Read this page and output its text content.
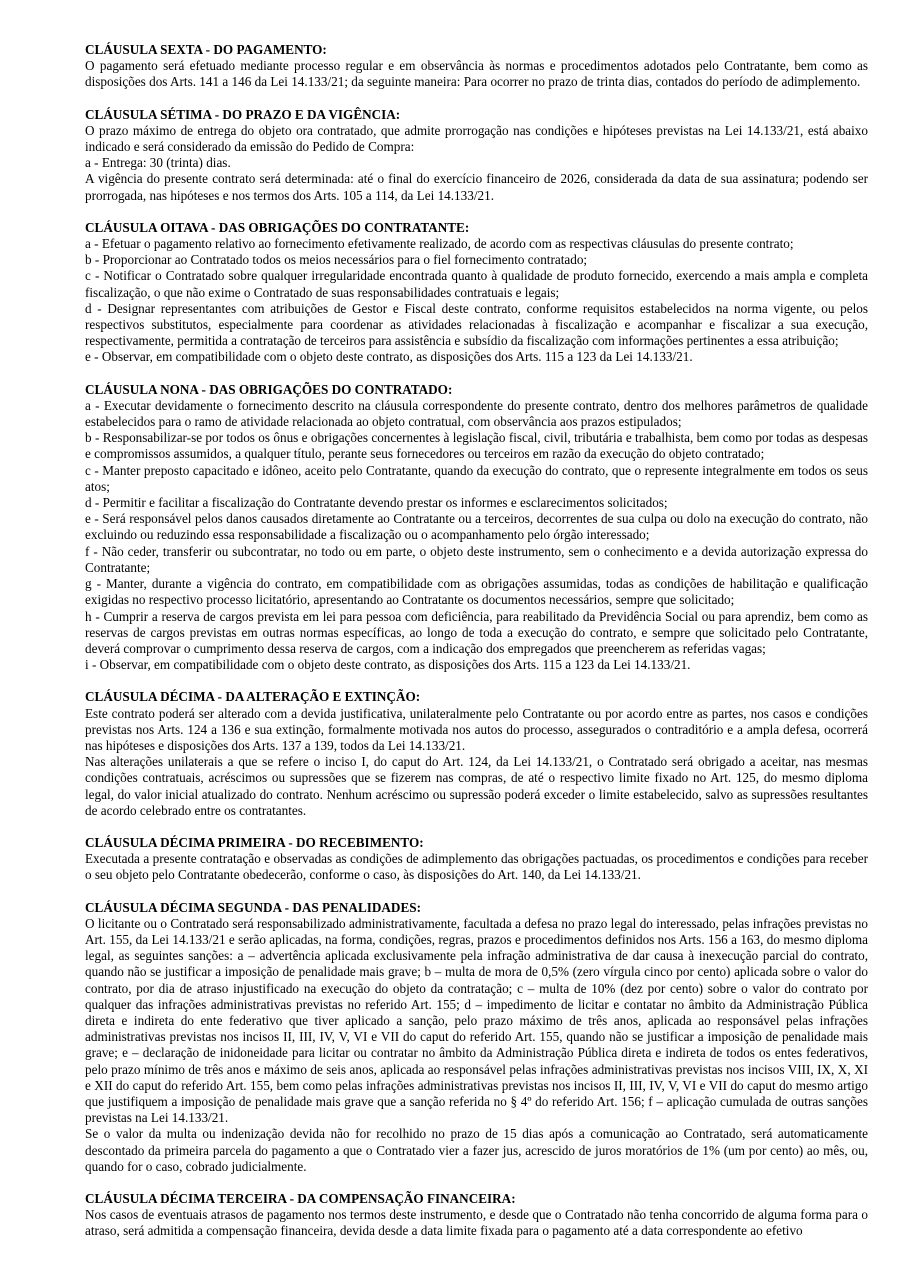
CLÁUSULA SEXTA - DO PAGAMENTO:

O pagamento será efetuado mediante processo regular e em observância às normas e procedimentos adotados pelo Contratante, bem como as disposições dos Arts. 141 a 146 da Lei 14.133/21; da seguinte maneira: Para ocorrer no prazo de trinta dias, contados do período de adimplemento.

CLÁUSULA SÉTIMA - DO PRAZO E DA VIGÊNCIA:

O prazo máximo de entrega do objeto ora contratado, que admite prorrogação nas condições e hipóteses previstas na Lei 14.133/21, está abaixo indicado e será considerado da emissão do Pedido de Compra:

a - Entrega: 30 (trinta) dias.

A vigência do presente contrato será determinada: até o final do exercício financeiro de 2026, considerada da data de sua assinatura; podendo ser prorrogada, nas hipóteses e nos termos dos Arts. 105 a 114, da Lei 14.133/21.

CLÁUSULA OITAVA - DAS OBRIGAÇÕES DO CONTRATANTE:

a - Efetuar o pagamento relativo ao fornecimento efetivamente realizado, de acordo com as respectivas cláusulas do presente contrato;

b - Proporcionar ao Contratado todos os meios necessários para o fiel fornecimento contratado;

c - Notificar o Contratado sobre qualquer irregularidade encontrada quanto à qualidade de produto fornecido, exercendo a mais ampla e completa fiscalização, o que não exime o Contratado de suas responsabilidades contratuais e legais;

d - Designar representantes com atribuições de Gestor e Fiscal deste contrato, conforme requisitos estabelecidos na norma vigente, ou pelos respectivos substitutos, especialmente para coordenar as atividades relacionadas à fiscalização e acompanhar e fiscalizar a sua execução, respectivamente, permitida a contratação de terceiros para assistência e subsídio da fiscalização com informações pertinentes a essa atribuição;

e - Observar, em compatibilidade com o objeto deste contrato, as disposições dos Arts. 115 a 123 da Lei 14.133/21.

CLÁUSULA NONA - DAS OBRIGAÇÕES DO CONTRATADO:

a - Executar devidamente o fornecimento descrito na cláusula correspondente do presente contrato, dentro dos melhores parâmetros de qualidade estabelecidos para o ramo de atividade relacionada ao objeto contratual, com observância aos prazos estipulados;

b - Responsabilizar-se por todos os ônus e obrigações concernentes à legislação fiscal, civil, tributária e trabalhista, bem como por todas as despesas e compromissos assumidos, a qualquer título, perante seus fornecedores ou terceiros em razão da execução do objeto contratado;

c - Manter preposto capacitado e idôneo, aceito pelo Contratante, quando da execução do contrato, que o represente integralmente em todos os seus atos;

d - Permitir e facilitar a fiscalização do Contratante devendo prestar os informes e esclarecimentos solicitados;

e - Será responsável pelos danos causados diretamente ao Contratante ou a terceiros, decorrentes de sua culpa ou dolo na execução do contrato, não excluindo ou reduzindo essa responsabilidade a fiscalização ou o acompanhamento pelo órgão interessado;

f - Não ceder, transferir ou subcontratar, no todo ou em parte, o objeto deste instrumento, sem o conhecimento e a devida autorização expressa do Contratante;

g - Manter, durante a vigência do contrato, em compatibilidade com as obrigações assumidas, todas as condições de habilitação e qualificação exigidas no respectivo processo licitatório, apresentando ao Contratante os documentos necessários, sempre que solicitado;

h - Cumprir a reserva de cargos prevista em lei para pessoa com deficiência, para reabilitado da Previdência Social ou para aprendiz, bem como as reservas de cargos previstas em outras normas específicas, ao longo de toda a execução do contrato, e sempre que solicitado pelo Contratante, deverá comprovar o cumprimento dessa reserva de cargos, com a indicação dos empregados que preencherem as referidas vagas;

i - Observar, em compatibilidade com o objeto deste contrato, as disposições dos Arts. 115 a 123 da Lei 14.133/21.

CLÁUSULA DÉCIMA - DA ALTERAÇÃO E EXTINÇÃO:

Este contrato poderá ser alterado com a devida justificativa, unilateralmente pelo Contratante ou por acordo entre as partes, nos casos e condições previstas nos Arts. 124 a 136 e sua extinção, formalmente motivada nos autos do processo, assegurados o contraditório e a ampla defesa, ocorrerá nas hipóteses e disposições dos Arts. 137 a 139, todos da Lei 14.133/21.

Nas alterações unilaterais a que se refere o inciso I, do caput do Art. 124, da Lei 14.133/21, o Contratado será obrigado a aceitar, nas mesmas condições contratuais, acréscimos ou supressões que se fizerem nas compras, de até o respectivo limite fixado no Art. 125, do mesmo diploma legal, do valor inicial atualizado do contrato. Nenhum acréscimo ou supressão poderá exceder o limite estabelecido, salvo as supressões resultantes de acordo celebrado entre os contratantes.

CLÁUSULA DÉCIMA PRIMEIRA - DO RECEBIMENTO:

Executada a presente contratação e observadas as condições de adimplemento das obrigações pactuadas, os procedimentos e condições para receber o seu objeto pelo Contratante obedecerão, conforme o caso, às disposições do Art. 140, da Lei 14.133/21.

CLÁUSULA DÉCIMA SEGUNDA - DAS PENALIDADES:

O licitante ou o Contratado será responsabilizado administrativamente, facultada a defesa no prazo legal do interessado, pelas infrações previstas no Art. 155, da Lei 14.133/21 e serão aplicadas, na forma, condições, regras, prazos e procedimentos definidos nos Arts. 156 a 163, do mesmo diploma legal, as seguintes sanções: a – advertência aplicada exclusivamente pela infração administrativa de dar causa à inexecução parcial do contrato, quando não se justificar a imposição de penalidade mais grave; b – multa de mora de 0,5% (zero vírgula cinco por cento) aplicada sobre o valor do contrato, por dia de atraso injustificado na execução do objeto da contratação; c – multa de 10% (dez por cento) sobre o valor do contrato por qualquer das infrações administrativas previstas no referido Art. 155; d – impedimento de licitar e contatar no âmbito da Administração Pública direta e indireta do ente federativo que tiver aplicado a sanção, pelo prazo máximo de três anos, aplicada ao responsável pelas infrações administrativas previstas nos incisos II, III, IV, V, VI e VII do caput do referido Art. 155, quando não se justificar a imposição de penalidade mais grave; e – declaração de inidoneidade para licitar ou contratar no âmbito da Administração Pública direta e indireta de todos os entes federativos, pelo prazo mínimo de três anos e máximo de seis anos, aplicada ao responsável pelas infrações administrativas previstas nos incisos VIII, IX, X, XI e XII do caput do referido Art. 155, bem como pelas infrações administrativas previstas nos incisos II, III, IV, V, VI e VII do caput do mesmo artigo que justifiquem a imposição de penalidade mais grave que a sanção referida no § 4º do referido Art. 156; f – aplicação cumulada de outras sanções previstas na Lei 14.133/21.

Se o valor da multa ou indenização devida não for recolhido no prazo de 15 dias após a comunicação ao Contratado, será automaticamente descontado da primeira parcela do pagamento a que o Contratado vier a fazer jus, acrescido de juros moratórios de 1% (um por cento) ao mês, ou, quando for o caso, cobrado judicialmente.

CLÁUSULA DÉCIMA TERCEIRA - DA COMPENSAÇÃO FINANCEIRA:

Nos casos de eventuais atrasos de pagamento nos termos deste instrumento, e desde que o Contratado não tenha concorrido de alguma forma para o atraso, será admitida a compensação financeira, devida desde a data limite fixada para o pagamento até a data correspondente ao efetivo
